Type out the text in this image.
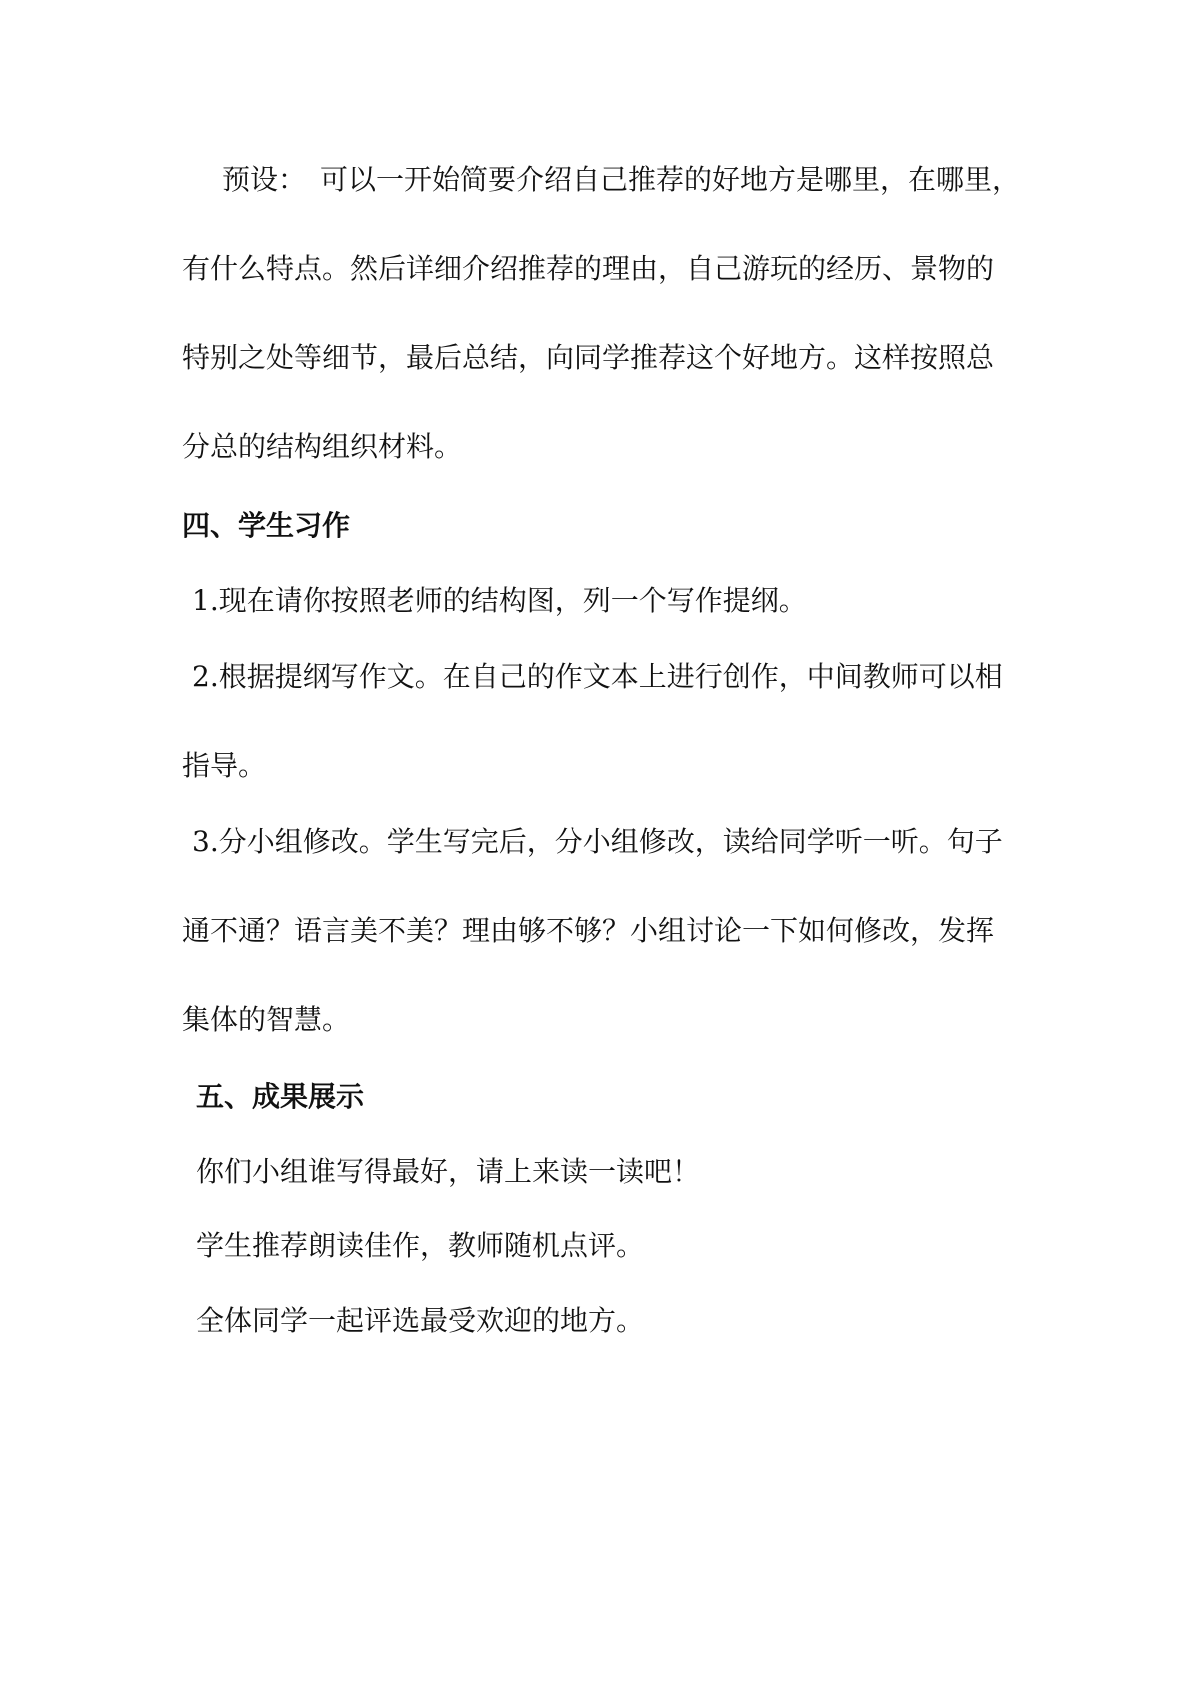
预设：　可以一开始简要介绍自己推荐的好地方是哪里，在哪里，

有什么特点。然后详细介绍推荐的理由，自己游玩的经历、景物的

特别之处等细节，最后总结，向同学推荐这个好地方。这样按照总

分总的结构组织材料。

四、学生习作

1.现在请你按照老师的结构图，列一个写作提纲。

2.根据提纲写作文。在自己的作文本上进行创作，中间教师可以相

指导。

3.分小组修改。学生写完后，分小组修改，读给同学听一听。句子

通不通？语言美不美？理由够不够？小组讨论一下如何修改，发挥

集体的智慧。

五、成果展示

你们小组谁写得最好，请上来读一读吧！

学生推荐朗读佳作，教师随机点评。

全体同学一起评选最受欢迎的地方。
